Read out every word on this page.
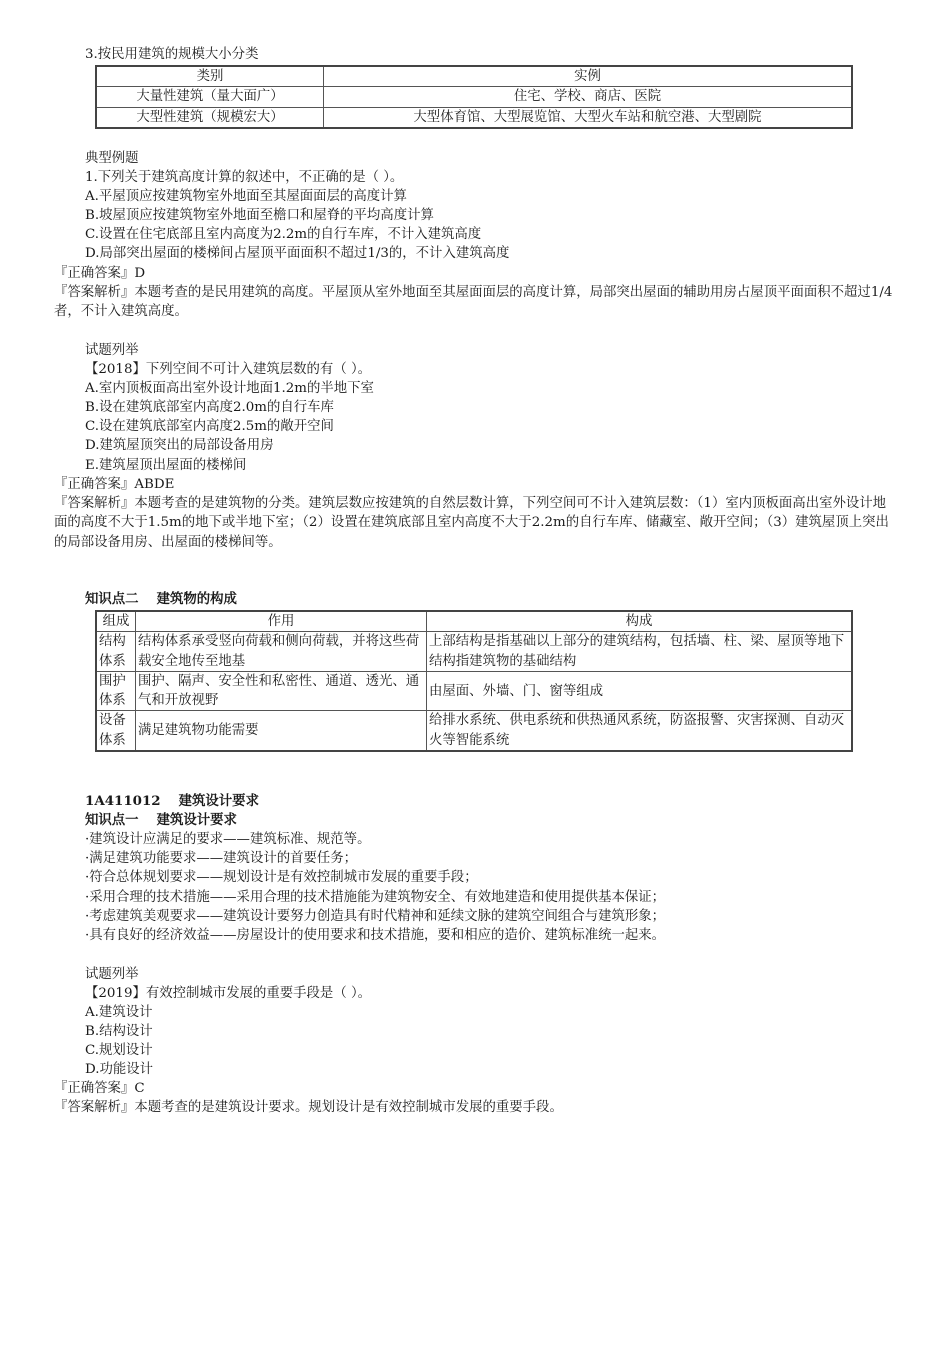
3.按民用建筑的规模大小分类
类别	实例
大量性建筑（量大面广）	住宅、学校、商店、医院
大型性建筑（规模宏大）	大型体育馆、大型展览馆、大型火车站和航空港、大型剧院
典型例题
1.下列关于建筑高度计算的叙述中，不正确的是（ ）。
A.平屋顶应按建筑物室外地面至其屋面面层的高度计算
B.坡屋顶应按建筑物室外地面至檐口和屋脊的平均高度计算
C.设置在住宅底部且室内高度为2.2m的自行车库，不计入建筑高度
D.局部突出屋面的楼梯间占屋顶平面面积不超过1/3的，不计入建筑高度
『正确答案』D
『答案解析』本题考查的是民用建筑的高度。平屋顶从室外地面至其屋面面层的高度计算，局部突出屋面的辅助用房占屋顶平面面积不超过1/4者，不计入建筑高度。
试题列举
【2018】下列空间不可计入建筑层数的有（ ）。
A.室内顶板面高出室外设计地面1.2m的半地下室
B.设在建筑底部室内高度2.0m的自行车库
C.设在建筑底部室内高度2.5m的敞开空间
D.建筑屋顶突出的局部设备用房
E.建筑屋顶出屋面的楼梯间
『正确答案』ABDE
『答案解析』本题考查的是建筑物的分类。建筑层数应按建筑的自然层数计算，下列空间可不计入建筑层数：（1）室内顶板面高出室外设计地面的高度不大于1.5m的地下或半地下室；（2）设置在建筑底部且室内高度不大于2.2m的自行车库、储藏室、敞开空间；（3）建筑屋顶上突出的局部设备用房、出屋面的楼梯间等。
知识点二 建筑物的构成
组成	作用	构成
结构体系	结构体系承受竖向荷载和侧向荷载，并将这些荷载安全地传至地基	上部结构是指基础以上部分的建筑结构，包括墙、柱、梁、屋顶等地下结构指建筑物的基础结构
围护体系	围护、隔声、安全性和私密性、通道、透光、通气和开放视野	由屋面、外墙、门、窗等组成
设备体系	满足建筑物功能需要	给排水系统、供电系统和供热通风系统，防盗报警、灾害探测、自动灭火等智能系统
1A411012 建筑设计要求
知识点一 建筑设计要求
·建筑设计应满足的要求——建筑标准、规范等。
·满足建筑功能要求——建筑设计的首要任务；
·符合总体规划要求——规划设计是有效控制城市发展的重要手段；
·采用合理的技术措施——采用合理的技术措施能为建筑物安全、有效地建造和使用提供基本保证；
·考虑建筑美观要求——建筑设计要努力创造具有时代精神和延续文脉的建筑空间组合与建筑形象；
·具有良好的经济效益——房屋设计的使用要求和技术措施，要和相应的造价、建筑标准统一起来。
试题列举
【2019】有效控制城市发展的重要手段是（ ）。
A.建筑设计
B.结构设计
C.规划设计
D.功能设计
『正确答案』C
『答案解析』本题考查的是建筑设计要求。规划设计是有效控制城市发展的重要手段。
